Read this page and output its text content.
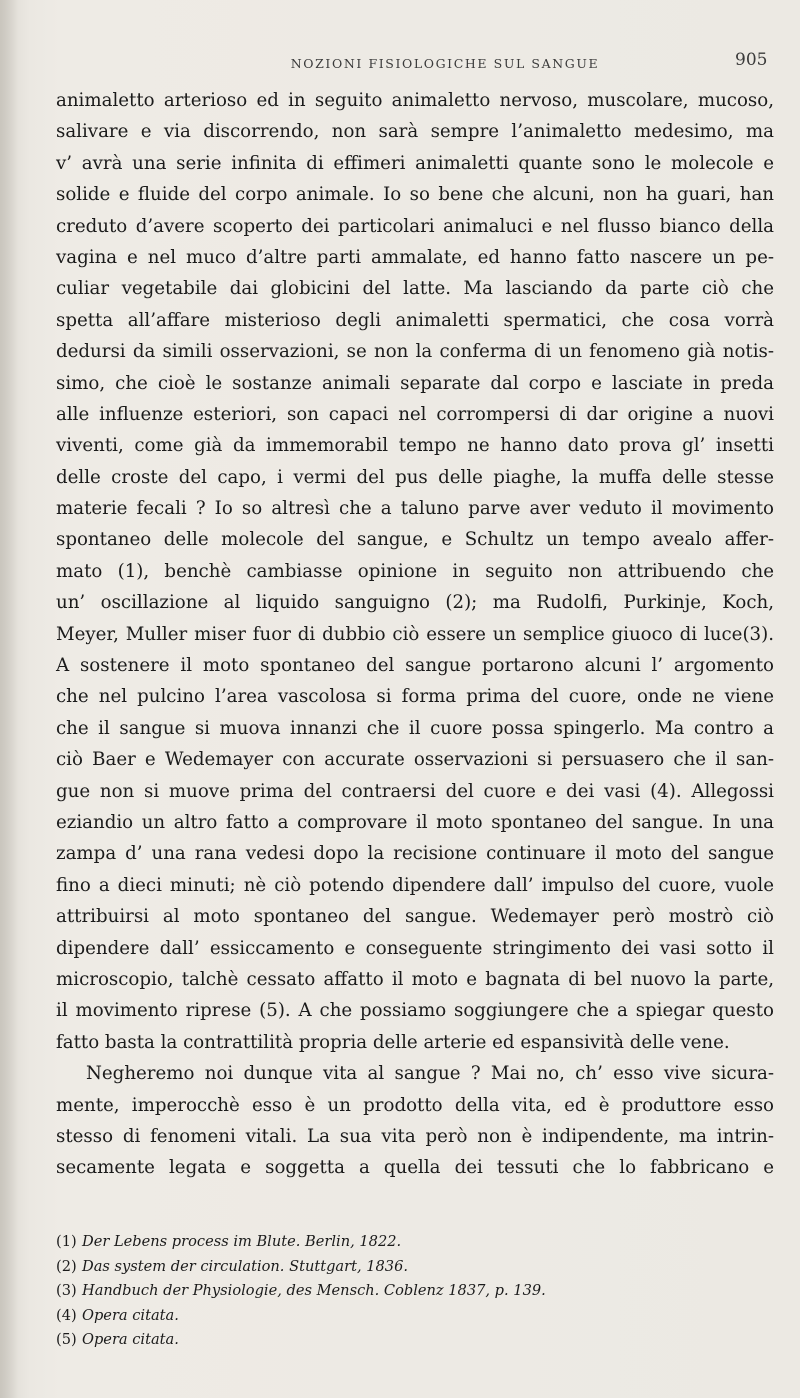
NOZIONI FISIOLOGICHE SUL SANGUE	905
animaletto arterioso ed in seguito animaletto nervoso, muscolare, mucoso,
salivare e via discorrendo, non sarà sempre l’animaletto medesimo, ma
v’ avrà una serie infinita di effimeri animaletti quante sono le molecole e
solide e fluide del corpo animale. Io so bene che alcuni, non ha guari, han
creduto d’avere scoperto dei particolari animaluci e nel flusso bianco della
vagina e nel muco d’altre parti ammalate, ed hanno fatto nascere un pe-
culiar vegetabile dai globicini del latte. Ma lasciando da parte ciò che
spetta all’affare misterioso degli animaletti spermatici, che cosa vorrà
dedursi da simili osservazioni, se non la conferma di un fenomeno già notis-
simo, che cioè le sostanze animali separate dal corpo e lasciate in preda
alle influenze esteriori, son capaci nel corrompersi di dar origine a nuovi
viventi, come già da immemorabil tempo ne hanno dato prova gl’ insetti
delle croste del capo, i vermi del pus delle piaghe, la muffa delle stesse
materie fecali ? Io so altresì che a taluno parve aver veduto il movimento
spontaneo delle molecole del sangue, e Schultz un tempo avealo affer-
mato (1), benchè cambiasse opinione in seguito non attribuendo che
un’ oscillazione al liquido sanguigno (2); ma Rudolfi, Purkinje, Koch,
Meyer, Muller miser fuor di dubbio ciò essere un semplice giuoco di luce(3).
A sostenere il moto spontaneo del sangue portarono alcuni l’ argomento
che nel pulcino l’area vascolosa si forma prima del cuore, onde ne viene
che il sangue si muova innanzi che il cuore possa spingerlo. Ma contro a
ciò Baer e Wedemayer con accurate osservazioni si persuasero che il san-
gue non si muove prima del contraersi del cuore e dei vasi (4). Allegossi
eziandio un altro fatto a comprovare il moto spontaneo del sangue. In una
zampa d’ una rana vedesi dopo la recisione continuare il moto del sangue
fino a dieci minuti; nè ciò potendo dipendere dall’ impulso del cuore, vuole
attribuirsi al moto spontaneo del sangue. Wedemayer però mostrò ciò
dipendere dall’ essiccamento e conseguente stringimento dei vasi sotto il
microscopio, talchè cessato affatto il moto e bagnata di bel nuovo la parte,
il movimento riprese (5). A che possiamo soggiungere che a spiegar questo
fatto basta la contrattilità propria delle arterie ed espansività delle vene.
Negheremo noi dunque vita al sangue ? Mai no, ch’ esso vive sicura-
mente, imperocchè esso è un prodotto della vita, ed è produttore esso
stesso di fenomeni vitali. La sua vita però non è indipendente, ma intrin-
secamente legata e soggetta a quella dei tessuti che lo fabbricano e
(1) Der Lebens process im Blute. Berlin, 1822.
(2) Das system der circulation. Stuttgart, 1836.
(3) Handbuch der Physiologie, des Mensch. Coblenz 1837, p. 139.
(4) Opera citata.
(5) Opera citata.
